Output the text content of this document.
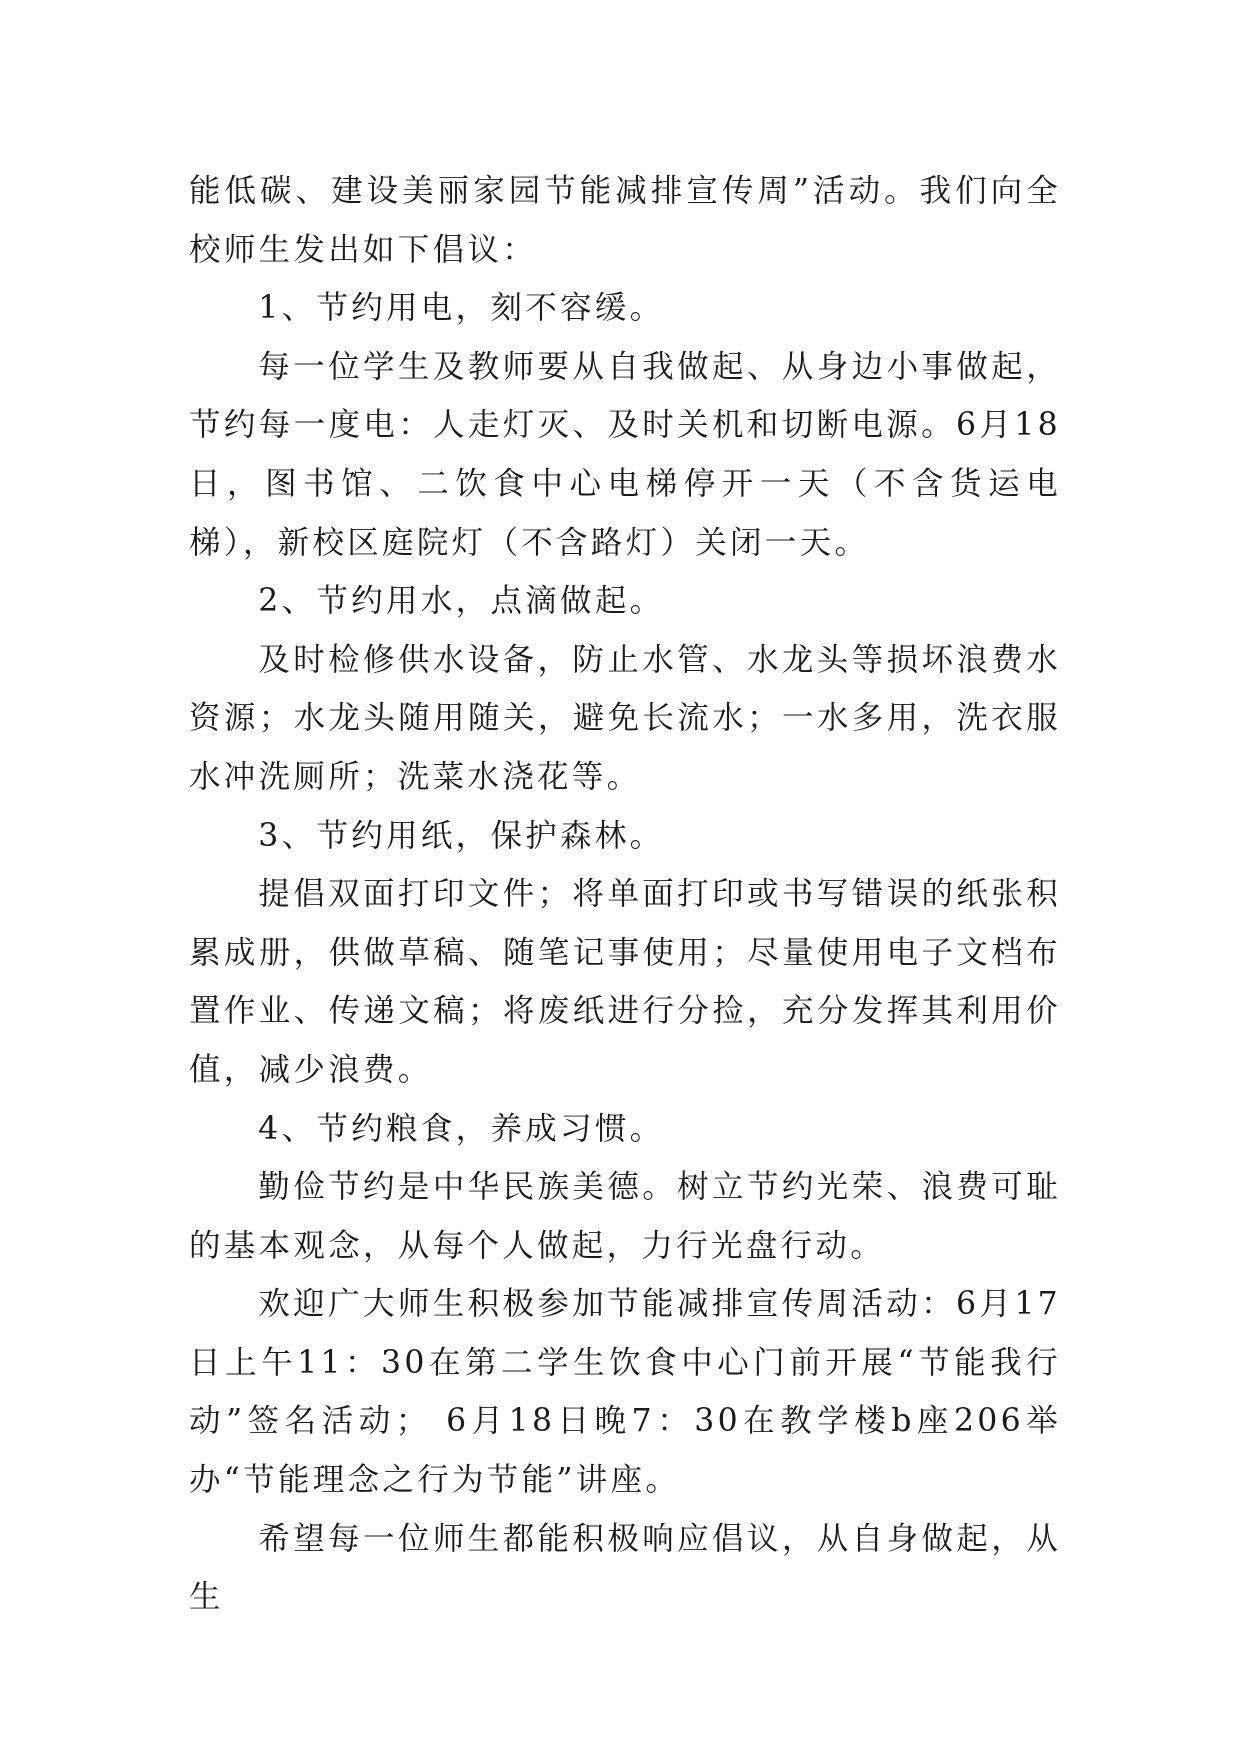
能低碳、建设美丽家园节能减排宣传周”活动。我们向全校师生发出如下倡议：

1、节约用电，刻不容缓。

每一位学生及教师要从自我做起、从身边小事做起，节约每一度电：人走灯灭、及时关机和切断电源。6月18日，图书馆、二饮食中心电梯停开一天（不含货运电梯），新校区庭院灯（不含路灯）关闭一天。

2、节约用水，点滴做起。

及时检修供水设备，防止水管、水龙头等损坏浪费水资源；水龙头随用随关，避免长流水；一水多用，洗衣服水冲洗厕所；洗菜水浇花等。

3、节约用纸，保护森林。

提倡双面打印文件；将单面打印或书写错误的纸张积累成册，供做草稿、随笔记事使用；尽量使用电子文档布置作业、传递文稿；将废纸进行分捡，充分发挥其利用价值，减少浪费。

4、节约粮食，养成习惯。

勤俭节约是中华民族美德。树立节约光荣、浪费可耻的基本观念，从每个人做起，力行光盘行动。

欢迎广大师生积极参加节能减排宣传周活动：6月17日上午11：30在第二学生饮食中心门前开展“节能我行动”签名活动； 6月18日晚7：30在教学楼b座206举办“节能理念之行为节能”讲座。

希望每一位师生都能积极响应倡议，从自身做起，从生
